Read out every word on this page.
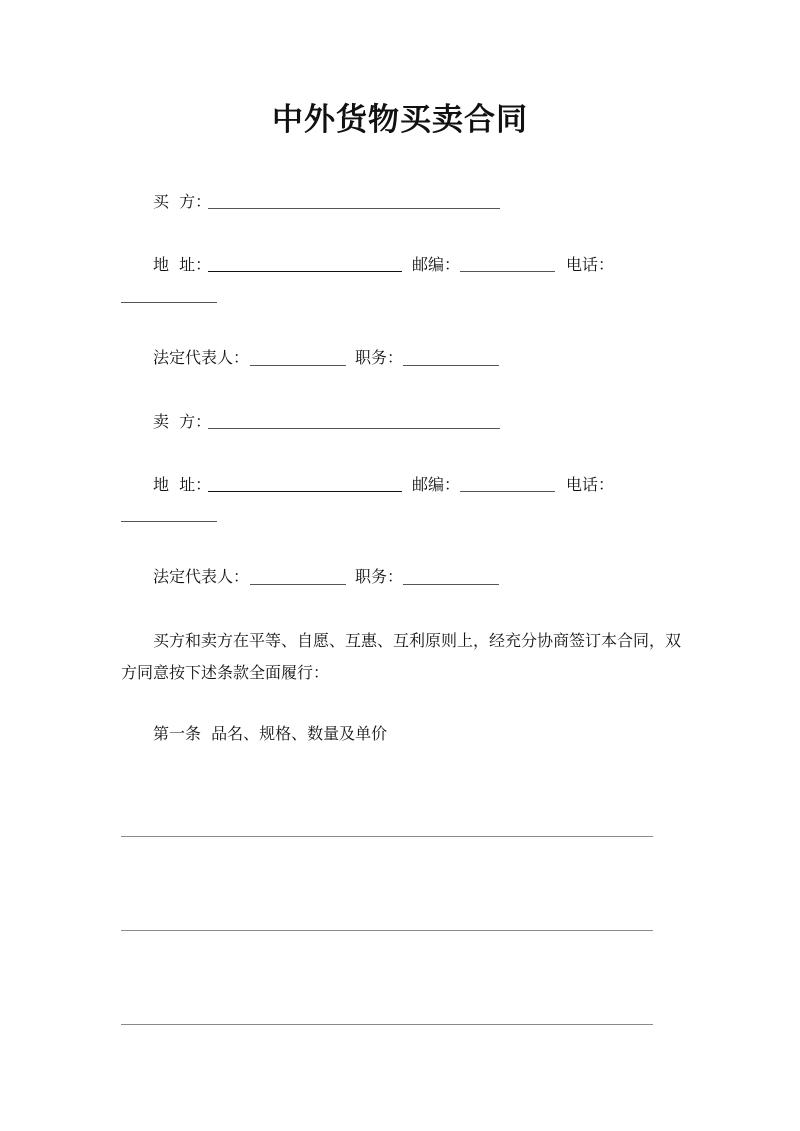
中外货物买卖合同
买  方：
地  址：	邮编：	电话：
法定代表人：	职务：
卖  方：
地  址：	邮编：	电话：
法定代表人：	职务：
买方和卖方在平等、自愿、互惠、互利原则上，经充分协商签订本合同，双
方同意按下述条款全面履行：
第一条  品名、规格、数量及单价
